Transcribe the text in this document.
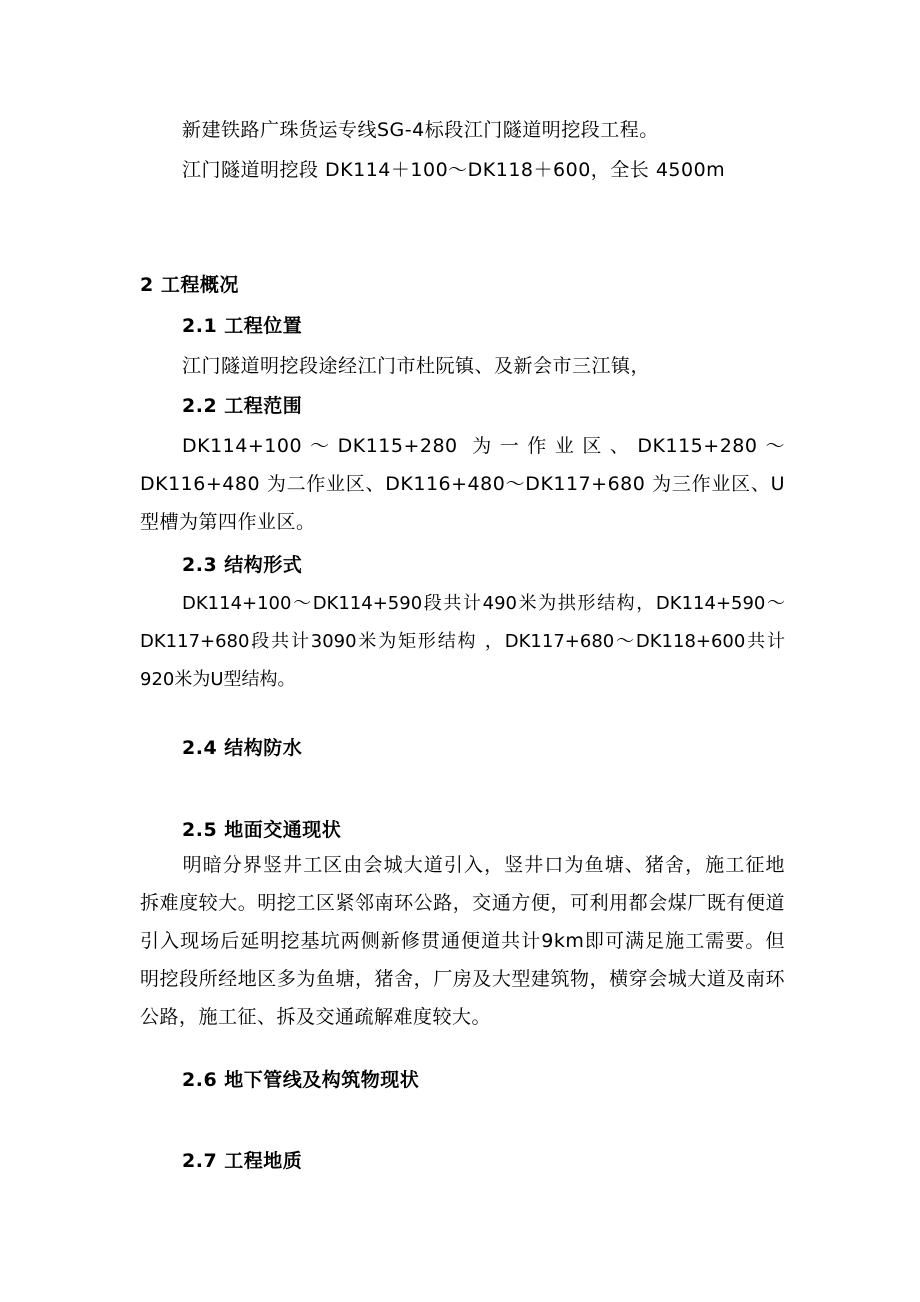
新建铁路广珠货运专线SG-4标段江门隧道明挖段工程。
江门隧道明挖段 DK114＋100～DK118＋600，全长 4500m
2 工程概况
2.1 工程位置
江门隧道明挖段途经江门市杜阮镇、及新会市三江镇，
2.2 工程范围
DK114+100～DK115+280 为一作业区、DK115+280～DK116+480 为二作业区、DK116+480～DK117+680 为三作业区、U 型槽为第四作业区。
2.3 结构形式
DK114+100～DK114+590段共计490米为拱形结构，DK114+590～DK117+680段共计3090米为矩形结构 ，DK117+680～DK118+600共计920米为U型结构。
2.4 结构防水
2.5 地面交通现状
明暗分界竖井工区由会城大道引入，竖井口为鱼塘、猪舍，施工征地拆难度较大。明挖工区紧邻南环公路，交通方便，可利用都会煤厂既有便道引入现场后延明挖基坑两侧新修贯通便道共计9km即可满足施工需要。但明挖段所经地区多为鱼塘，猪舍，厂房及大型建筑物，横穿会城大道及南环公路，施工征、拆及交通疏解难度较大。
2.6 地下管线及构筑物现状
2.7 工程地质
